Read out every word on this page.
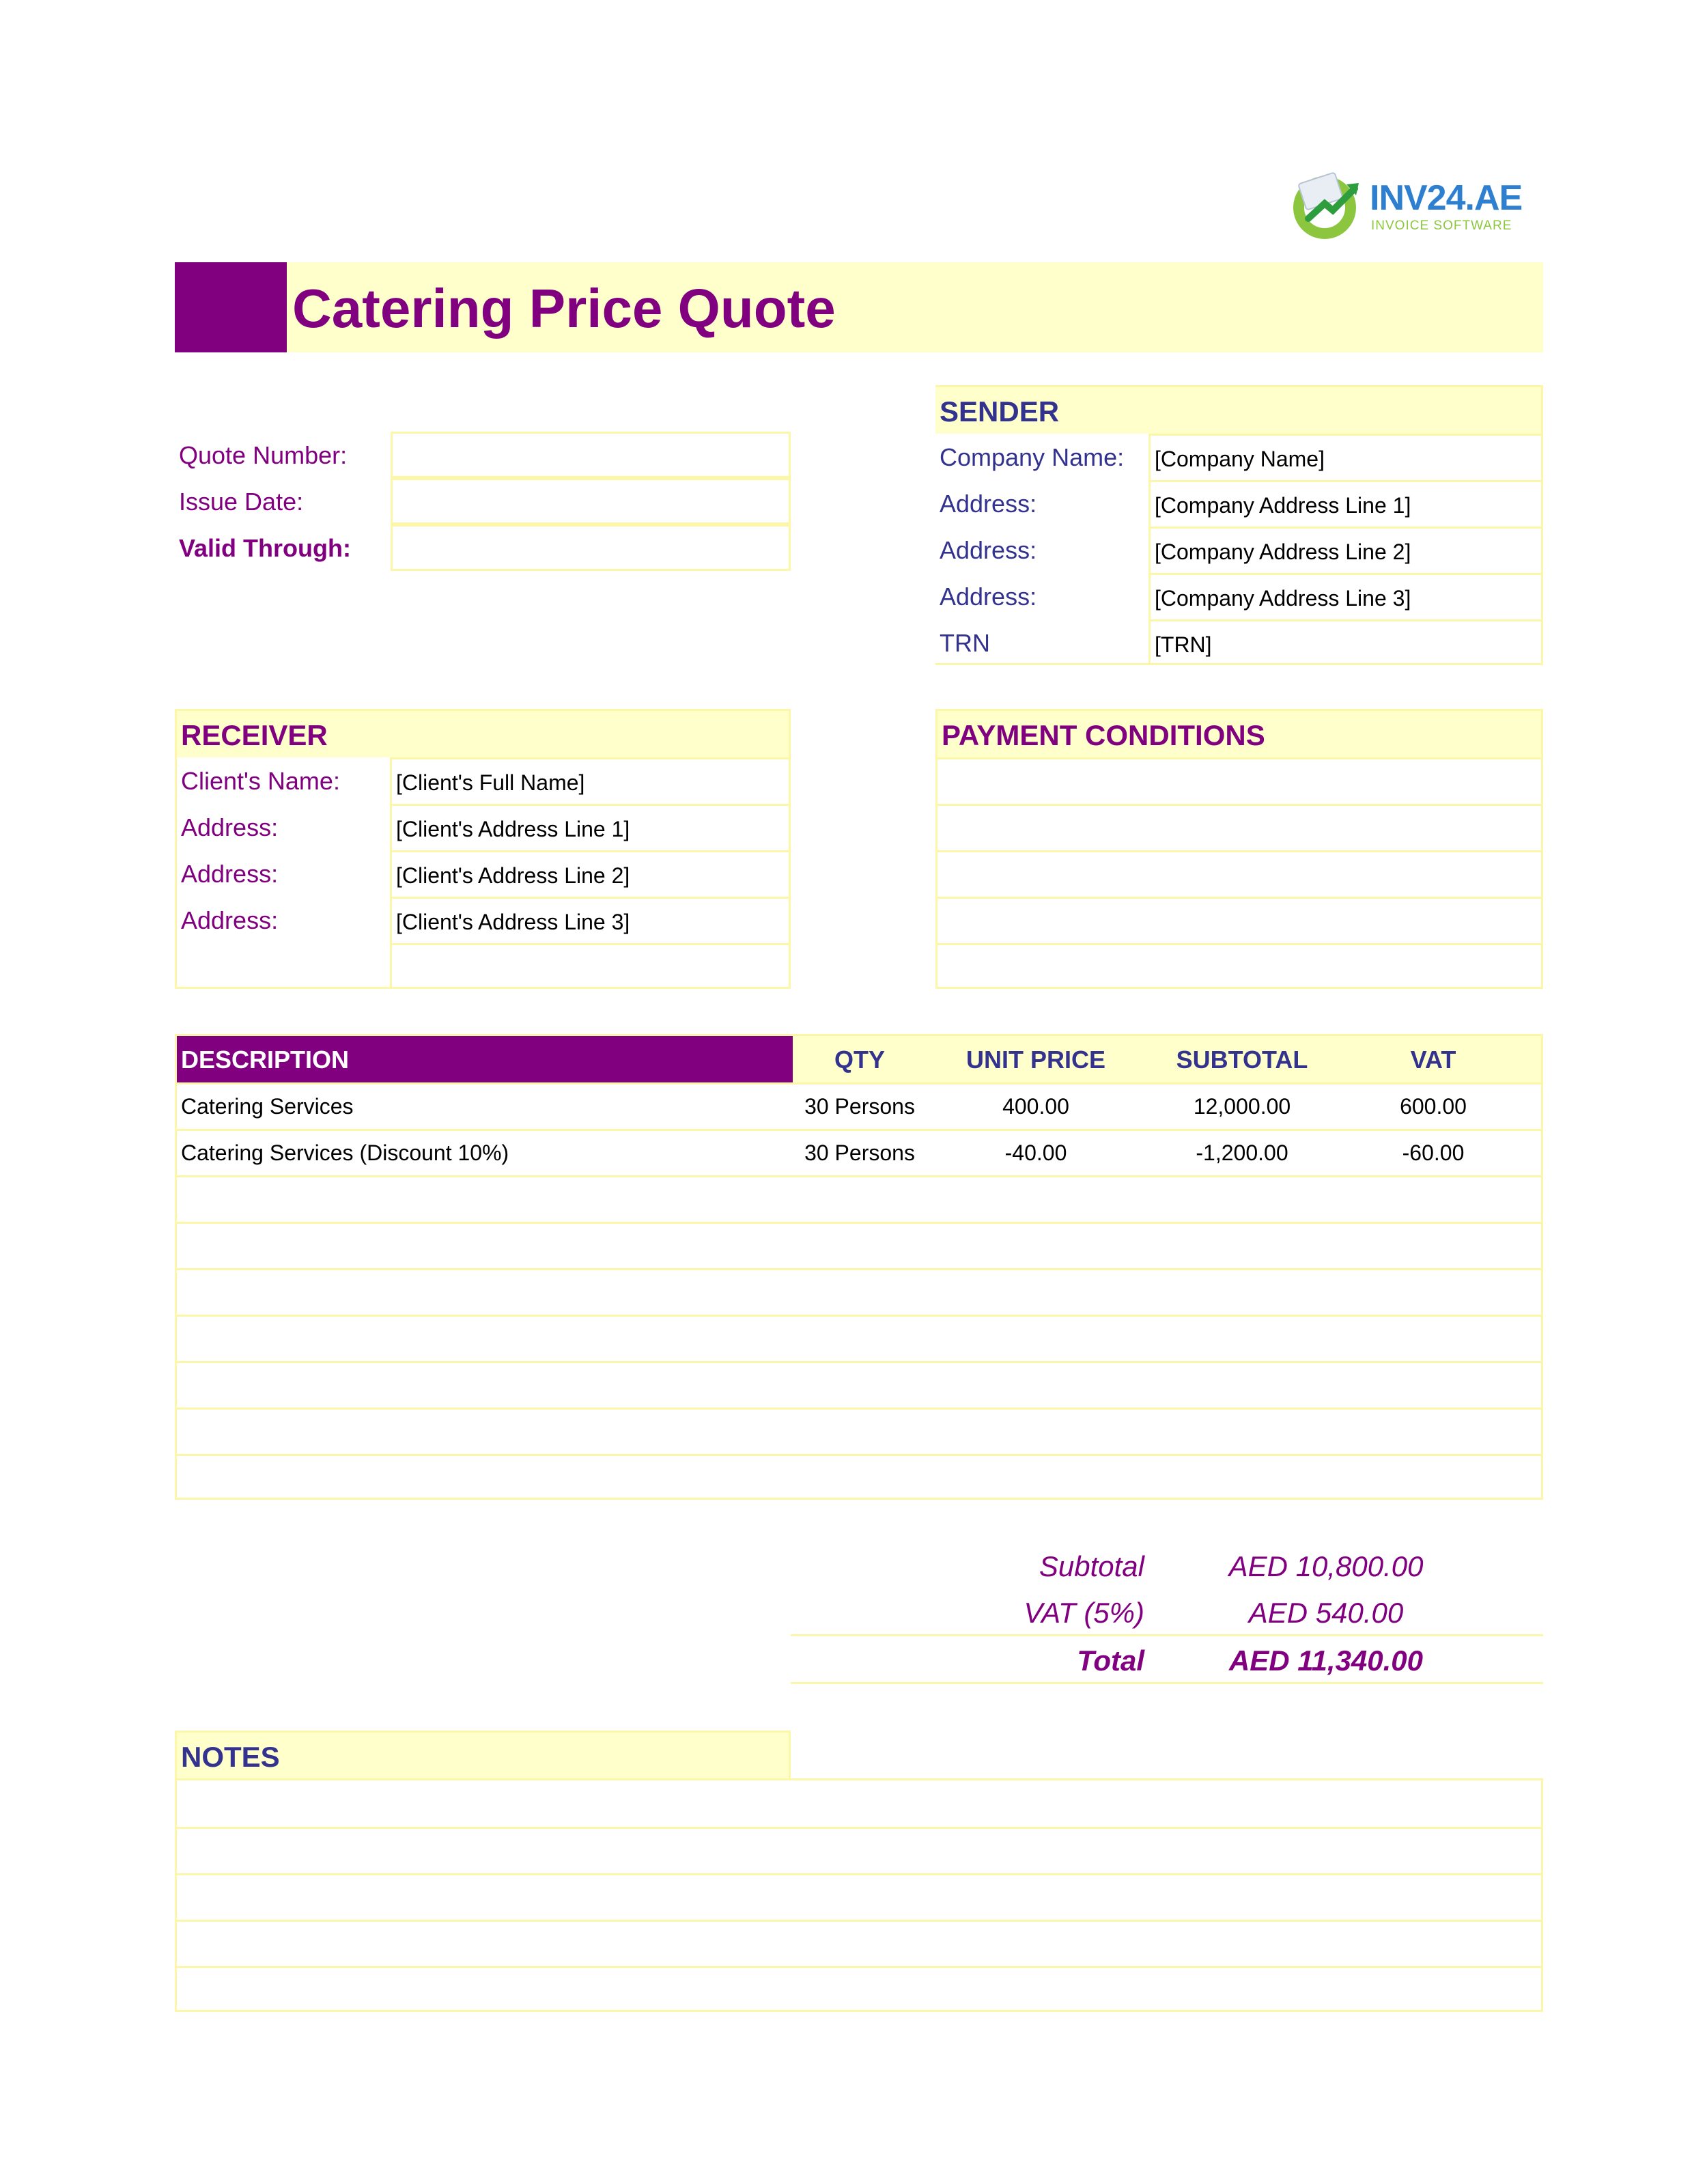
INV24.AE
INVOICE SOFTWARE
Catering Price Quote
Quote Number:
Issue Date:
Valid Through:
SENDER
Company Name: [Company Name]
Address:	[Company Address Line 1]
Address:	[Company Address Line 2]
Address:	[Company Address Line 3]
TRN	[TRN]
RECEIVER
Client's Name:	[Client's Full Name]
Address:	[Client's Address Line 1]
Address:	[Client's Address Line 2]
Address:	[Client's Address Line 3]
PAYMENT CONDITIONS
DESCRIPTION	QTY	UNIT PRICE	SUBTOTAL	VAT
Catering Services	30 Persons	400.00	12,000.00	600.00
Catering Services (Discount 10%)	30 Persons	-40.00	-1,200.00	-60.00
Subtotal	AED 10,800.00
VAT (5%)	AED 540.00
Total	AED 11,340.00
NOTES
